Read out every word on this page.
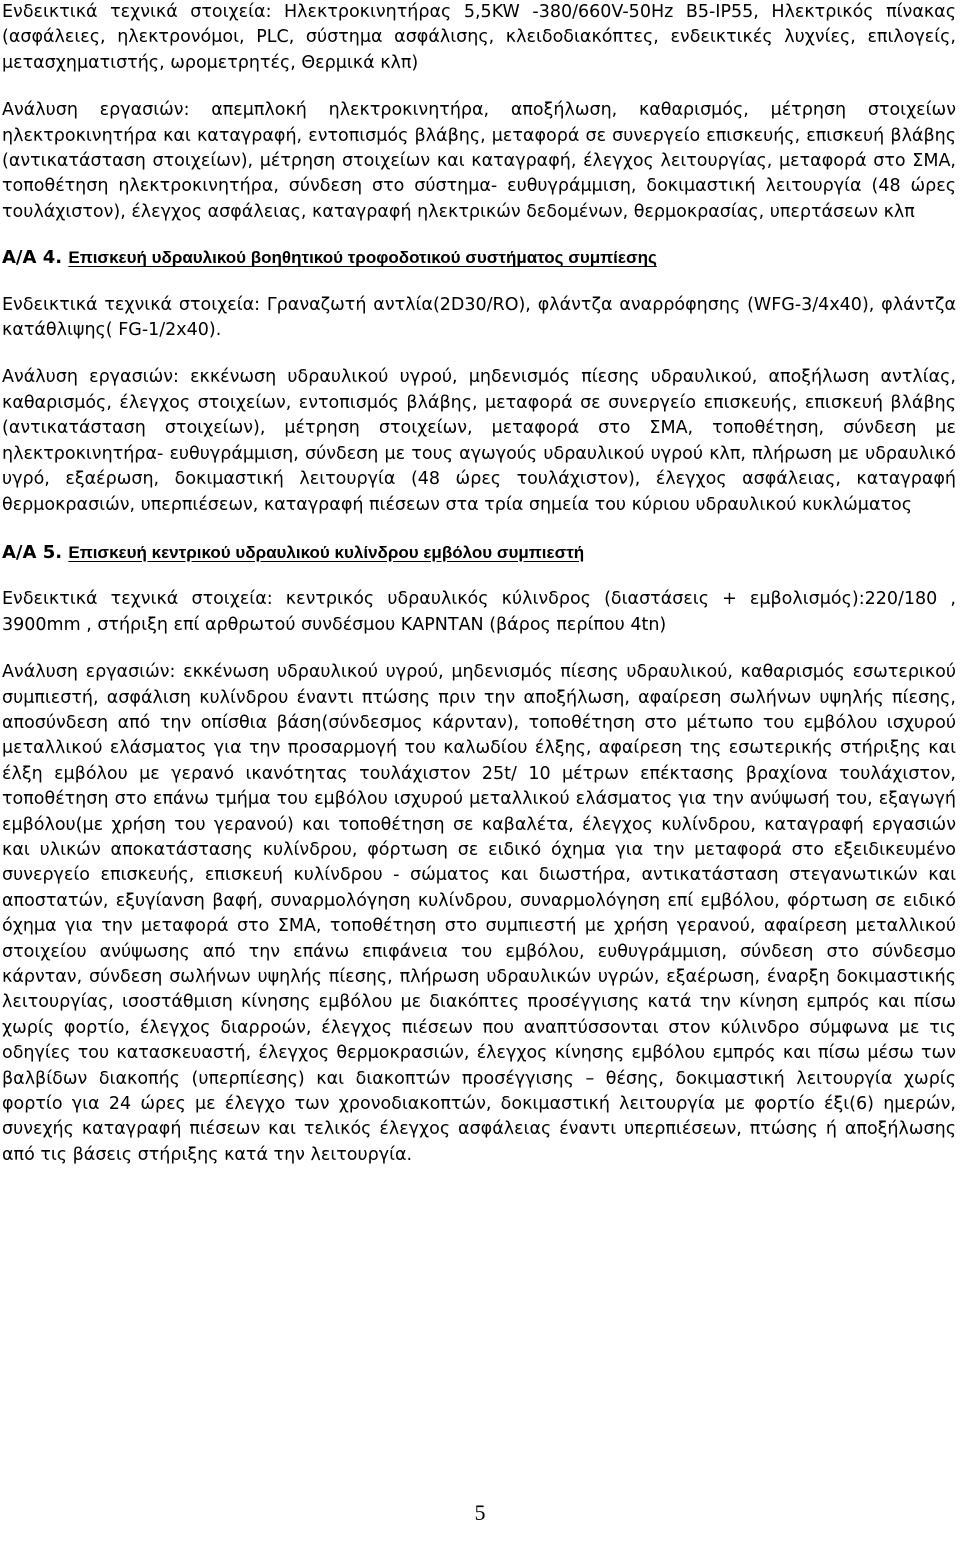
Ενδεικτικά τεχνικά στοιχεία: Ηλεκτροκινητήρας 5,5KW -380/660V-50Hz B5-IP55, Ηλεκτρικός πίνακας (ασφάλειες, ηλεκτρονόμοι, PLC, σύστημα ασφάλισης, κλειδοδιακόπτες, ενδεικτικές λυχνίες, επιλογείς, μετασχηματιστής, ωρομετρητές, Θερμικά κλπ)

Ανάλυση εργασιών: απεμπλοκή ηλεκτροκινητήρα, αποξήλωση, καθαρισμός, μέτρηση στοιχείων ηλεκτροκινητήρα και καταγραφή, εντοπισμός βλάβης, μεταφορά σε συνεργείο επισκευής, επισκευή βλάβης (αντικατάσταση στοιχείων), μέτρηση στοιχείων και καταγραφή, έλεγχος λειτουργίας, μεταφορά στο ΣΜΑ, τοποθέτηση ηλεκτροκινητήρα, σύνδεση στο σύστημα- ευθυγράμμιση, δοκιμαστική λειτουργία (48 ώρες τουλάχιστον), έλεγχος ασφάλειας, καταγραφή ηλεκτρικών δεδομένων, θερμοκρασίας, υπερτάσεων κλπ

Α/Α 4. Επισκευή υδραυλικού βοηθητικού τροφοδοτικού συστήματος συμπίεσης

Ενδεικτικά τεχνικά στοιχεία: Γραναζωτή αντλία(2D30/RO), φλάντζα αναρρόφησης (WFG-3/4x40), φλάντζα κατάθλιψης( FG-1/2x40).

Ανάλυση εργασιών: εκκένωση υδραυλικού υγρού, μηδενισμός πίεσης υδραυλικού, αποξήλωση αντλίας, καθαρισμός, έλεγχος στοιχείων, εντοπισμός βλάβης, μεταφορά σε συνεργείο επισκευής, επισκευή βλάβης (αντικατάσταση στοιχείων), μέτρηση στοιχείων, μεταφορά στο ΣΜΑ, τοποθέτηση, σύνδεση με ηλεκτροκινητήρα- ευθυγράμμιση, σύνδεση με τους αγωγούς υδραυλικού υγρού κλπ, πλήρωση με υδραυλικό υγρό, εξαέρωση, δοκιμαστική λειτουργία (48 ώρες τουλάχιστον), έλεγχος ασφάλειας, καταγραφή θερμοκρασιών, υπερπιέσεων, καταγραφή πιέσεων στα τρία σημεία του κύριου υδραυλικού κυκλώματος

Α/Α 5. Επισκευή κεντρικού υδραυλικού κυλίνδρου εμβόλου συμπιεστή

Ενδεικτικά τεχνικά στοιχεία: κεντρικός υδραυλικός κύλινδρος (διαστάσεις + εμβολισμός):220/180 , 3900mm , στήριξη επί αρθρωτού συνδέσμου ΚΑΡΝΤΑΝ (βάρος περίπου 4tn)

Ανάλυση εργασιών: εκκένωση υδραυλικού υγρού, μηδενισμός πίεσης υδραυλικού, καθαρισμός εσωτερικού συμπιεστή, ασφάλιση κυλίνδρου έναντι πτώσης πριν την αποξήλωση, αφαίρεση σωλήνων υψηλής πίεσης, αποσύνδεση από την οπίσθια βάση(σύνδεσμος κάρνταν), τοποθέτηση στο μέτωπο του εμβόλου ισχυρού μεταλλικού ελάσματος για την προσαρμογή του καλωδίου έλξης, αφαίρεση της εσωτερικής στήριξης και έλξη εμβόλου με γερανό ικανότητας τουλάχιστον 25t/ 10 μέτρων επέκτασης βραχίονα τουλάχιστον, τοποθέτηση στο επάνω τμήμα του εμβόλου ισχυρού μεταλλικού ελάσματος για την ανύψωσή του, εξαγωγή εμβόλου(με χρήση του γερανού) και τοποθέτηση σε καβαλέτα, έλεγχος κυλίνδρου, καταγραφή εργασιών και υλικών αποκατάστασης κυλίνδρου, φόρτωση σε ειδικό όχημα για την μεταφορά στο εξειδικευμένο συνεργείο επισκευής, επισκευή κυλίνδρου - σώματος και διωστήρα, αντικατάσταση στεγανωτικών και αποστατών, εξυγίανση βαφή, συναρμολόγηση κυλίνδρου, συναρμολόγηση επί εμβόλου, φόρτωση σε ειδικό όχημα για την μεταφορά στο ΣΜΑ, τοποθέτηση στο συμπιεστή με χρήση γερανού, αφαίρεση μεταλλικού στοιχείου ανύψωσης από την επάνω επιφάνεια του εμβόλου, ευθυγράμμιση, σύνδεση στο σύνδεσμο κάρνταν, σύνδεση σωλήνων υψηλής πίεσης, πλήρωση υδραυλικών υγρών, εξαέρωση, έναρξη δοκιμαστικής λειτουργίας, ισοστάθμιση κίνησης εμβόλου με διακόπτες προσέγγισης κατά την κίνηση εμπρός και πίσω χωρίς φορτίο, έλεγχος διαρροών, έλεγχος πιέσεων που αναπτύσσονται στον κύλινδρο σύμφωνα με τις οδηγίες του κατασκευαστή, έλεγχος θερμοκρασιών, έλεγχος κίνησης εμβόλου εμπρός και πίσω μέσω των βαλβίδων διακοπής (υπερπίεσης) και διακοπτών προσέγγισης – θέσης, δοκιμαστική λειτουργία χωρίς φορτίο για 24 ώρες με έλεγχο των χρονοδιακοπτών, δοκιμαστική λειτουργία με φορτίο έξι(6) ημερών, συνεχής καταγραφή πιέσεων και τελικός έλεγχος ασφάλειας έναντι υπερπιέσεων, πτώσης ή αποξήλωσης από τις βάσεις στήριξης κατά την λειτουργία.

5
